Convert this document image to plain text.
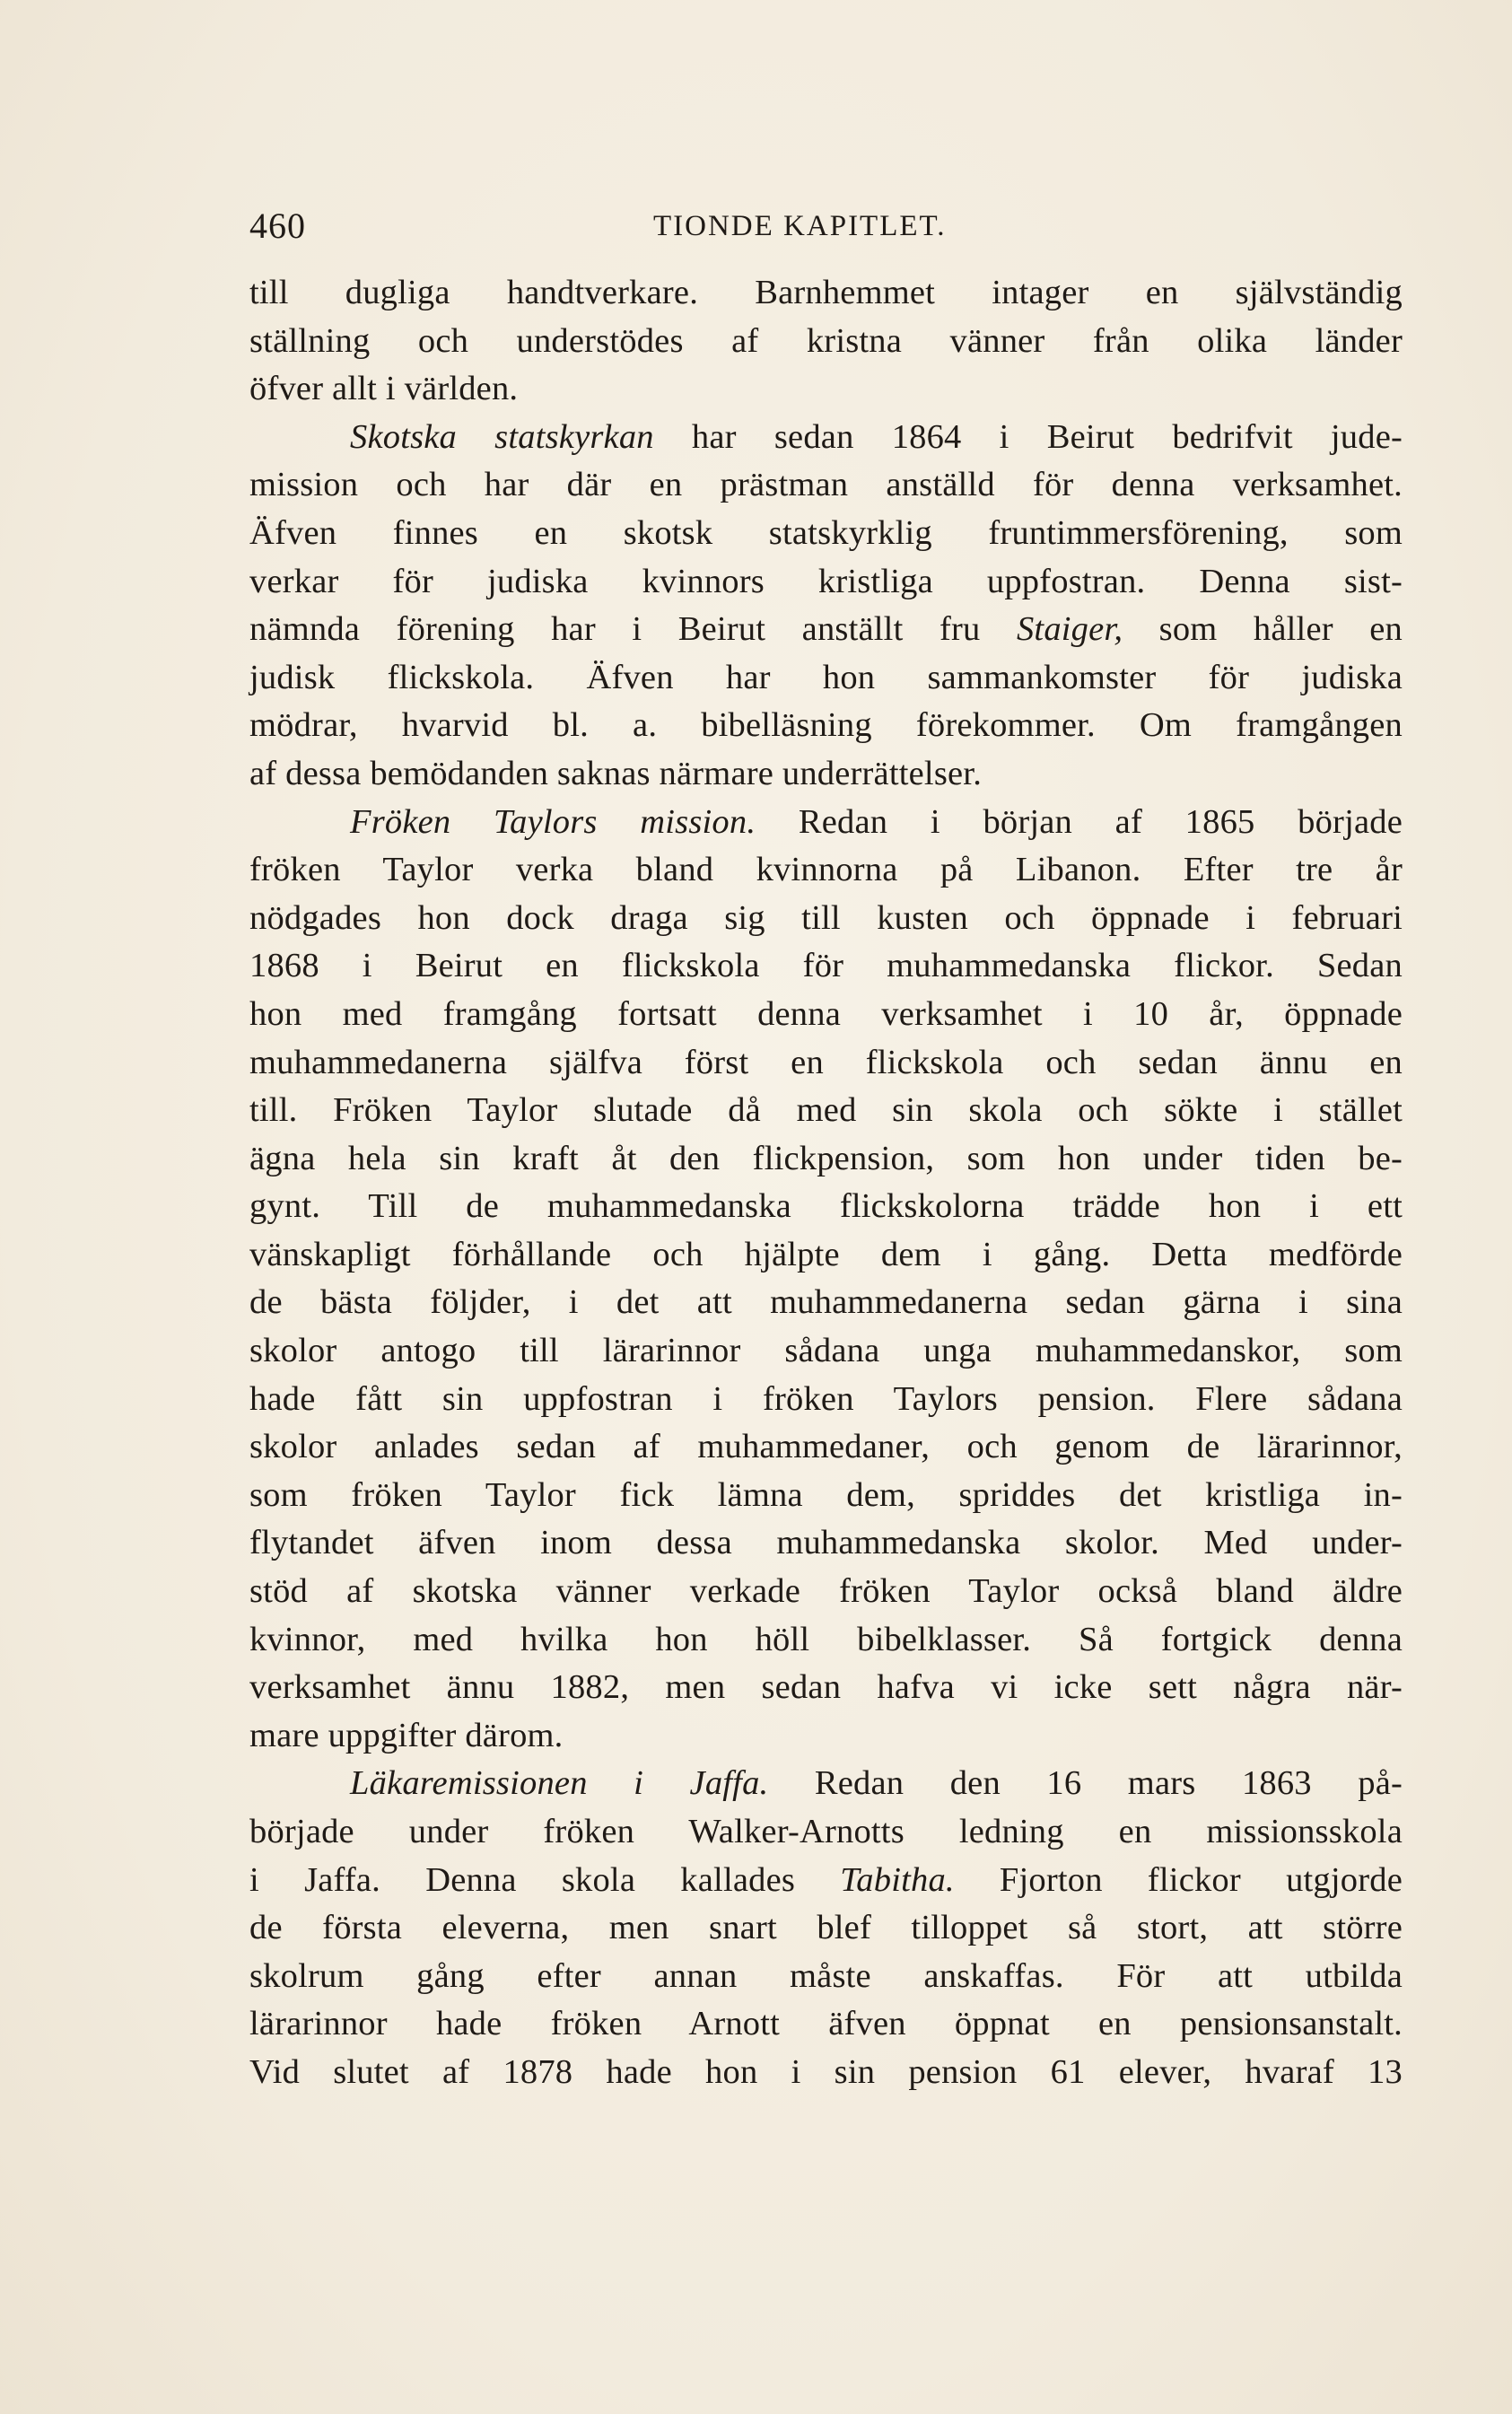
460	TIONDE KAPITLET.
till dugliga handtverkare. Barnhemmet intager en självständig
ställning och understödes af kristna vänner från olika länder
öfver allt i världen.
Skotska statskyrkan har sedan 1864 i Beirut bedrifvit jude-
mission och har där en prästman anställd för denna verksamhet.
Äfven finnes en skotsk statskyrklig fruntimmersförening, som
verkar för judiska kvinnors kristliga uppfostran. Denna sist-
nämnda förening har i Beirut anställt fru Staiger, som håller en
judisk flickskola. Äfven har hon sammankomster för judiska
mödrar, hvarvid bl. a. bibelläsning förekommer. Om framgången
af dessa bemödanden saknas närmare underrättelser.
Fröken Taylors mission. Redan i början af 1865 började
fröken Taylor verka bland kvinnorna på Libanon. Efter tre år
nödgades hon dock draga sig till kusten och öppnade i februari
1868 i Beirut en flickskola för muhammedanska flickor. Sedan
hon med framgång fortsatt denna verksamhet i 10 år, öppnade
muhammedanerna själfva först en flickskola och sedan ännu en
till. Fröken Taylor slutade då med sin skola och sökte i stället
ägna hela sin kraft åt den flickpension, som hon under tiden be-
gynt. Till de muhammedanska flickskolorna trädde hon i ett
vänskapligt förhållande och hjälpte dem i gång. Detta medförde
de bästa följder, i det att muhammedanerna sedan gärna i sina
skolor antogo till lärarinnor sådana unga muhammedanskor, som
hade fått sin uppfostran i fröken Taylors pension. Flere sådana
skolor anlades sedan af muhammedaner, och genom de lärarinnor,
som fröken Taylor fick lämna dem, spriddes det kristliga in-
flytandet äfven inom dessa muhammedanska skolor. Med under-
stöd af skotska vänner verkade fröken Taylor också bland äldre
kvinnor, med hvilka hon höll bibelklasser. Så fortgick denna
verksamhet ännu 1882, men sedan hafva vi icke sett några när-
mare uppgifter därom.
Läkaremissionen i Jaffa. Redan den 16 mars 1863 på-
började under fröken Walker-Arnotts ledning en missionsskola
i Jaffa. Denna skola kallades Tabitha. Fjorton flickor utgjorde
de första eleverna, men snart blef tilloppet så stort, att större
skolrum gång efter annan måste anskaffas. För att utbilda
lärarinnor hade fröken Arnott äfven öppnat en pensionsanstalt.
Vid slutet af 1878 hade hon i sin pension 61 elever, hvaraf 13
